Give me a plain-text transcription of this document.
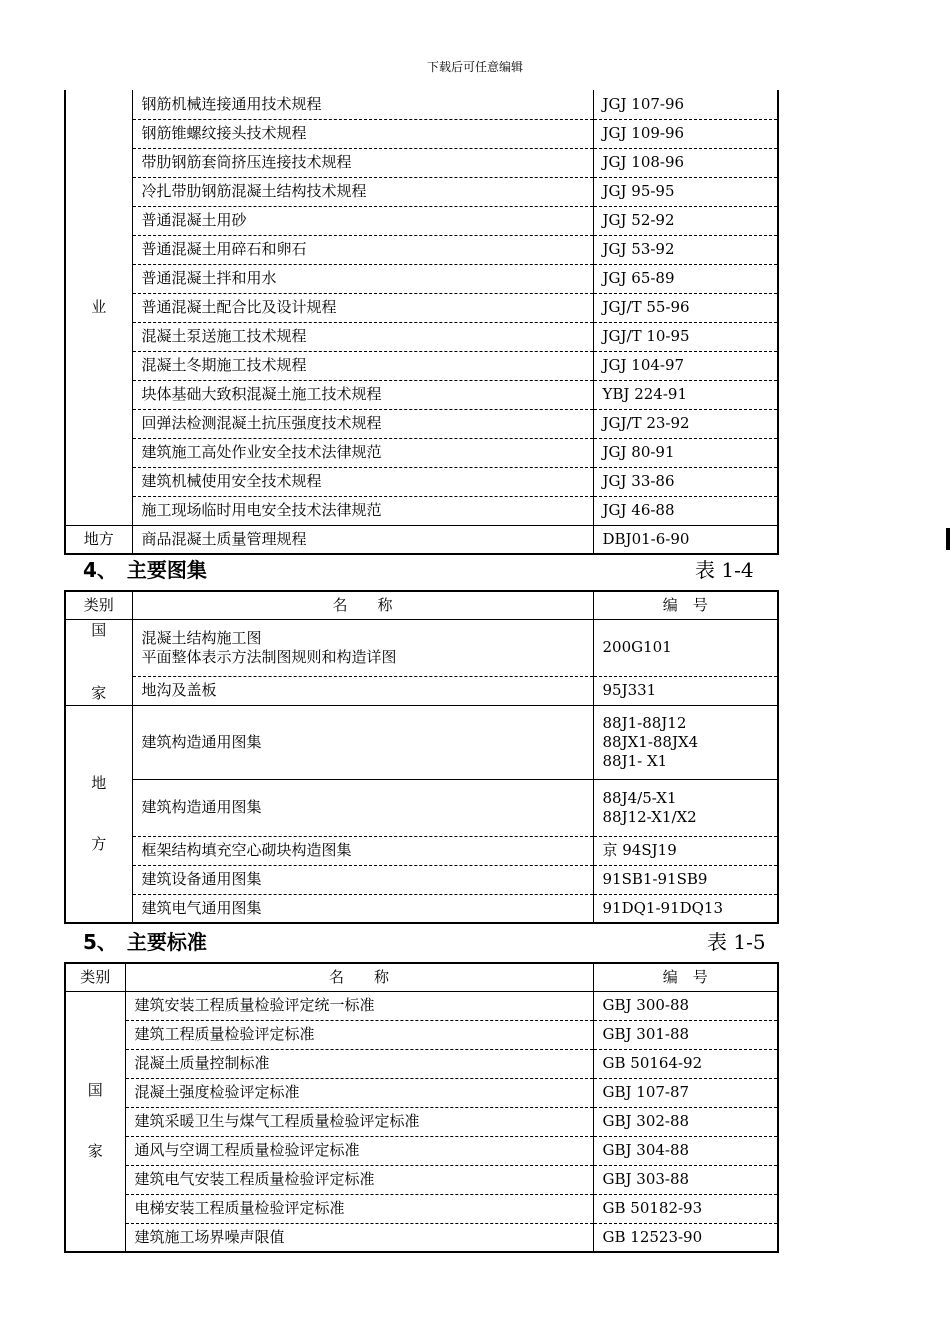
下载后可任意编辑
业	钢筋机械连接通用技术规程	JGJ 107-96
	钢筋锥螺纹接头技术规程	JGJ 109-96
	带肋钢筋套筒挤压连接技术规程	JGJ 108-96
	冷扎带肋钢筋混凝土结构技术规程	JGJ 95-95
	普通混凝土用砂	JGJ 52-92
	普通混凝土用碎石和卵石	JGJ 53-92
	普通混凝土拌和用水	JGJ 65-89
	普通混凝土配合比及设计规程	JGJ/T 55-96
	混凝土泵送施工技术规程	JGJ/T 10-95
	混凝土冬期施工技术规程	JGJ 104-97
	块体基础大致积混凝土施工技术规程	YBJ 224-91
	回弹法检测混凝土抗压强度技术规程	JGJ/T 23-92
	建筑施工高处作业安全技术法律规范	JGJ 80-91
	建筑机械使用安全技术规程	JGJ 33-86
	施工现场临时用电安全技术法律规范	JGJ 46-88
地方	商品混凝土质量管理规程	DBJ01-6-90
4、　主要图集	表 1-4
类别	名　　称	编　号

国
家	混凝土结构施工图
平面整体表示方法制图规则和构造详图	200G101
	地沟及盖板	95J331

地
方	建筑构造通用图集	88J1-88J12
88JX1-88JX4
88J1- X1
	建筑构造通用图集	88J4/5-X1
88J12-X1/X2
	框架结构填充空心砌块构造图集	京 94SJ19
	建筑设备通用图集	91SB1-91SB9
	建筑电气通用图集	91DQ1-91DQ13
5、　主要标准	表 1-5
类别	名　　称	编　号

国
家	建筑安装工程质量检验评定统一标准	GBJ 300-88
	建筑工程质量检验评定标准	GBJ 301-88
	混凝土质量控制标准	GB 50164-92
	混凝土强度检验评定标准	GBJ 107-87
	建筑采暖卫生与煤气工程质量检验评定标准	GBJ 302-88
	通风与空调工程质量检验评定标准	GBJ 304-88
	建筑电气安装工程质量检验评定标准	GBJ 303-88
	电梯安装工程质量检验评定标准	GB 50182-93
	建筑施工场界噪声限值	GB 12523-90
